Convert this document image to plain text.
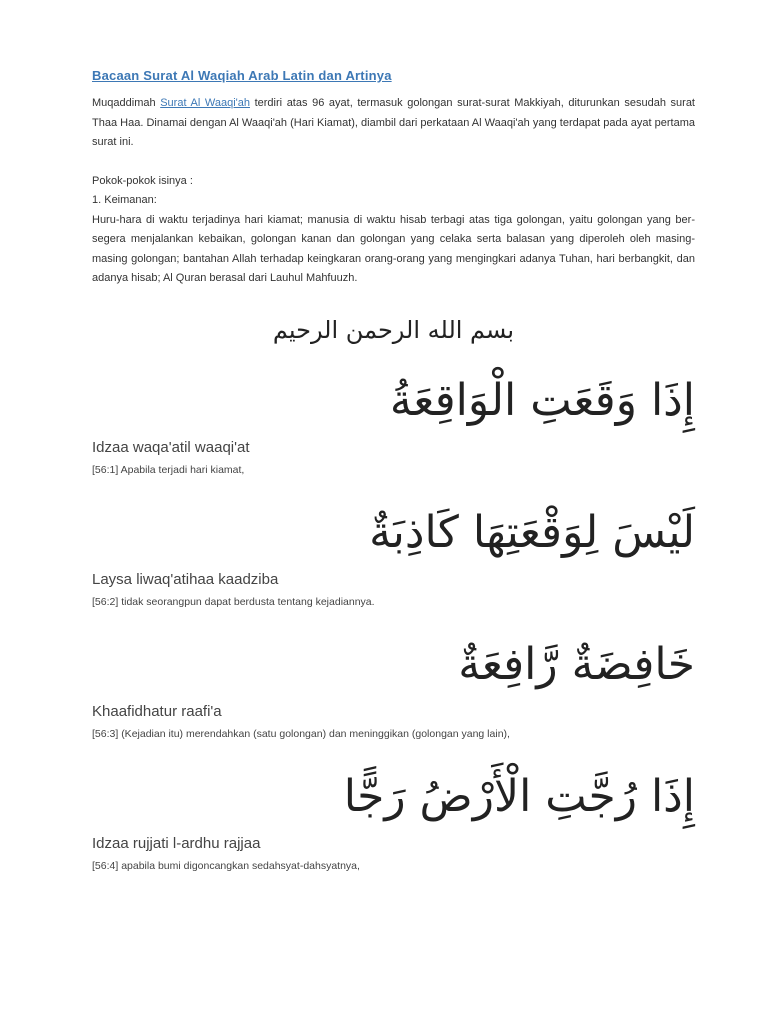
Bacaan Surat Al Waqiah Arab Latin dan Artinya

Muqaddimah Surat Al Waaqi'ah terdiri atas 96 ayat, termasuk golongan surat-surat Makkiyah, diturunkan sesudah surat Thaa Haa. Dinamai dengan Al Waaqi'ah (Hari Kiamat), diambil dari perkataan Al Waaqi'ah yang terdapat pada ayat pertama surat ini.

Pokok-pokok isinya :

1. Keimanan:

Huru-hara di waktu terjadinya hari kiamat; manusia di waktu hisab terbagi atas tiga golongan, yaitu golongan yang ber- segera menjalankan kebaikan, golongan kanan dan golongan yang celaka serta balasan yang diperoleh oleh masing-masing golongan; bantahan Allah terhadap keingkaran orang-orang yang mengingkari adanya Tuhan, hari berbangkit, dan adanya hisab; Al Quran berasal dari Lauhul Mahfuuzh.

بسم الله الرحمن الرحيم
إِذَا وَقَعَتِ الْوَاقِعَةُ
Idzaa waqa'atil waaqi'at
[56:1] Apabila terjadi hari kiamat,
لَيْسَ لِوَقْعَتِهَا كَاذِبَةٌ
Laysa liwaq'atihaa kaadziba
[56:2] tidak seorangpun dapat berdusta tentang kejadiannya.
خَافِضَةٌ رَّافِعَةٌ
Khaafidhatur raafi'a
[56:3] (Kejadian itu) merendahkan (satu golongan) dan meninggikan (golongan yang lain),
إِذَا رُجَّتِ الْأَرْضُ رَجًّا
Idzaa rujjati l-ardhu rajjaa
[56:4] apabila bumi digoncangkan sedahsyat-dahsyatnya,
